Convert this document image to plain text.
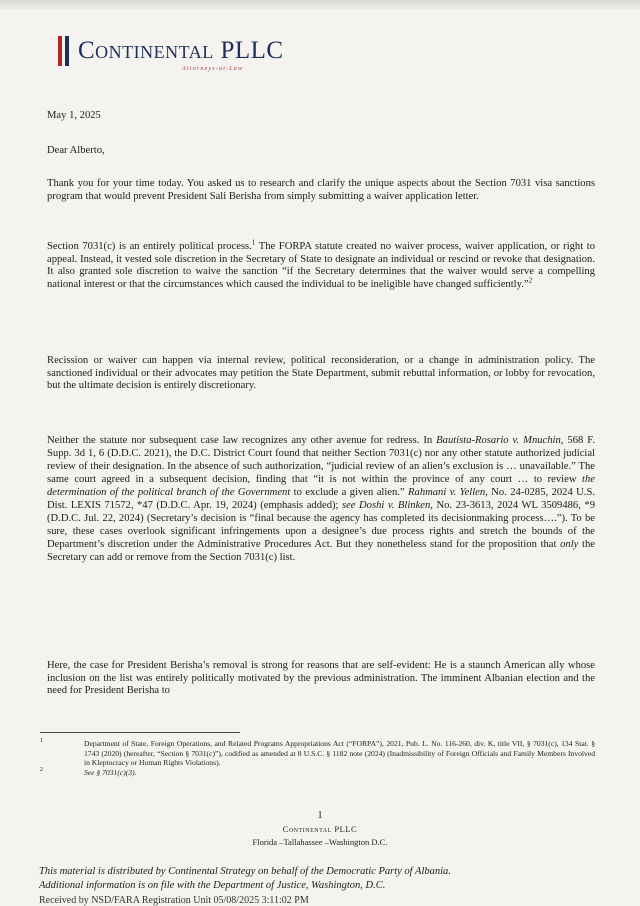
Continental PLLC
Attorneys-at-Law
May 1, 2025
Dear Alberto,

Thank you for your time today. You asked us to research and clarify the unique aspects about the Section 7031 visa sanctions program that would prevent President Sali Berisha from simply submitting a waiver application letter.

Section 7031(c) is an entirely political process.$^1$ The FORPA statute created no waiver process, waiver application, or right to appeal. Instead, it vested sole discretion in the Secretary of State to designate an individual or rescind or revoke that designation. It also granted sole discretion to waive the sanction “if the Secretary determines that the waiver would serve a compelling national interest or that the circumstances which caused the individual to be ineligible have changed sufficiently.”$^2$

Recission or waiver can happen via internal review, political reconsideration, or a change in administration policy. The sanctioned individual or their advocates may petition the State Department, submit rebuttal information, or lobby for revocation, but the ultimate decision is entirely discretionary.

Neither the statute nor subsequent case law recognizes any other avenue for redress. In Bautista-Rosario v. Mnuchin, 568 F. Supp. 3d 1, 6 (D.D.C. 2021), the D.C. District Court found that neither Section 7031(c) nor any other statute authorized judicial review of their designation. In the absence of such authorization, “judicial review of an alien’s exclusion is … unavailable.” The same court agreed in a subsequent decision, finding that “it is not within the province of any court … to review the determination of the political branch of the Government to exclude a given alien.” Rahmani v. Yellen, No. 24-0285, 2024 U.S. Dist. LEXIS 71572, *47 (D.D.C. Apr. 19, 2024) (emphasis added); see Doshi v. Blinken, No. 23-3613, 2024 WL 3509486, *9 (D.D.C. Jul. 22, 2024) (Secretary’s decision is “final because the agency has completed its decisionmaking process….”). To be sure, these cases overlook significant infringements upon a designee’s due process rights and stretch the bounds of the Department’s discretion under the Administrative Procedures Act. But they nonetheless stand for the proposition that only the Secretary can add or remove from the Section 7031(c) list.

Here, the case for President Berisha’s removal is strong for reasons that are self-evident: He is a staunch American ally whose inclusion on the list was entirely politically motivated by the previous administration. The imminent Albanian election and the need for President Berisha to

1	Department of State, Foreign Operations, and Related Programs Appropriations Act (“FORPA”), 2021, Pub. L. No. 116-260, div. K, title VII, § 7031(c), 134 Stat. § 1743 (2020) (hereafter, “Section § 7031(c)”), codified as amended at 8 U.S.C. § 1182 note (2024) (Inadmissibility of Foreign Officials and Family Members Involved in Kleptocracy or Human Rights Violations).
2	See § 7031(c)(3).
1
Continental PLLC
Florida –Tallahassee –Washington D.C.
This material is distributed by Continental Strategy on behalf of the Democratic Party of Albania.
Additional information is on file with the Department of Justice, Washington, D.C.
Received by NSD/FARA Registration Unit 05/08/2025 3:11:02 PM
